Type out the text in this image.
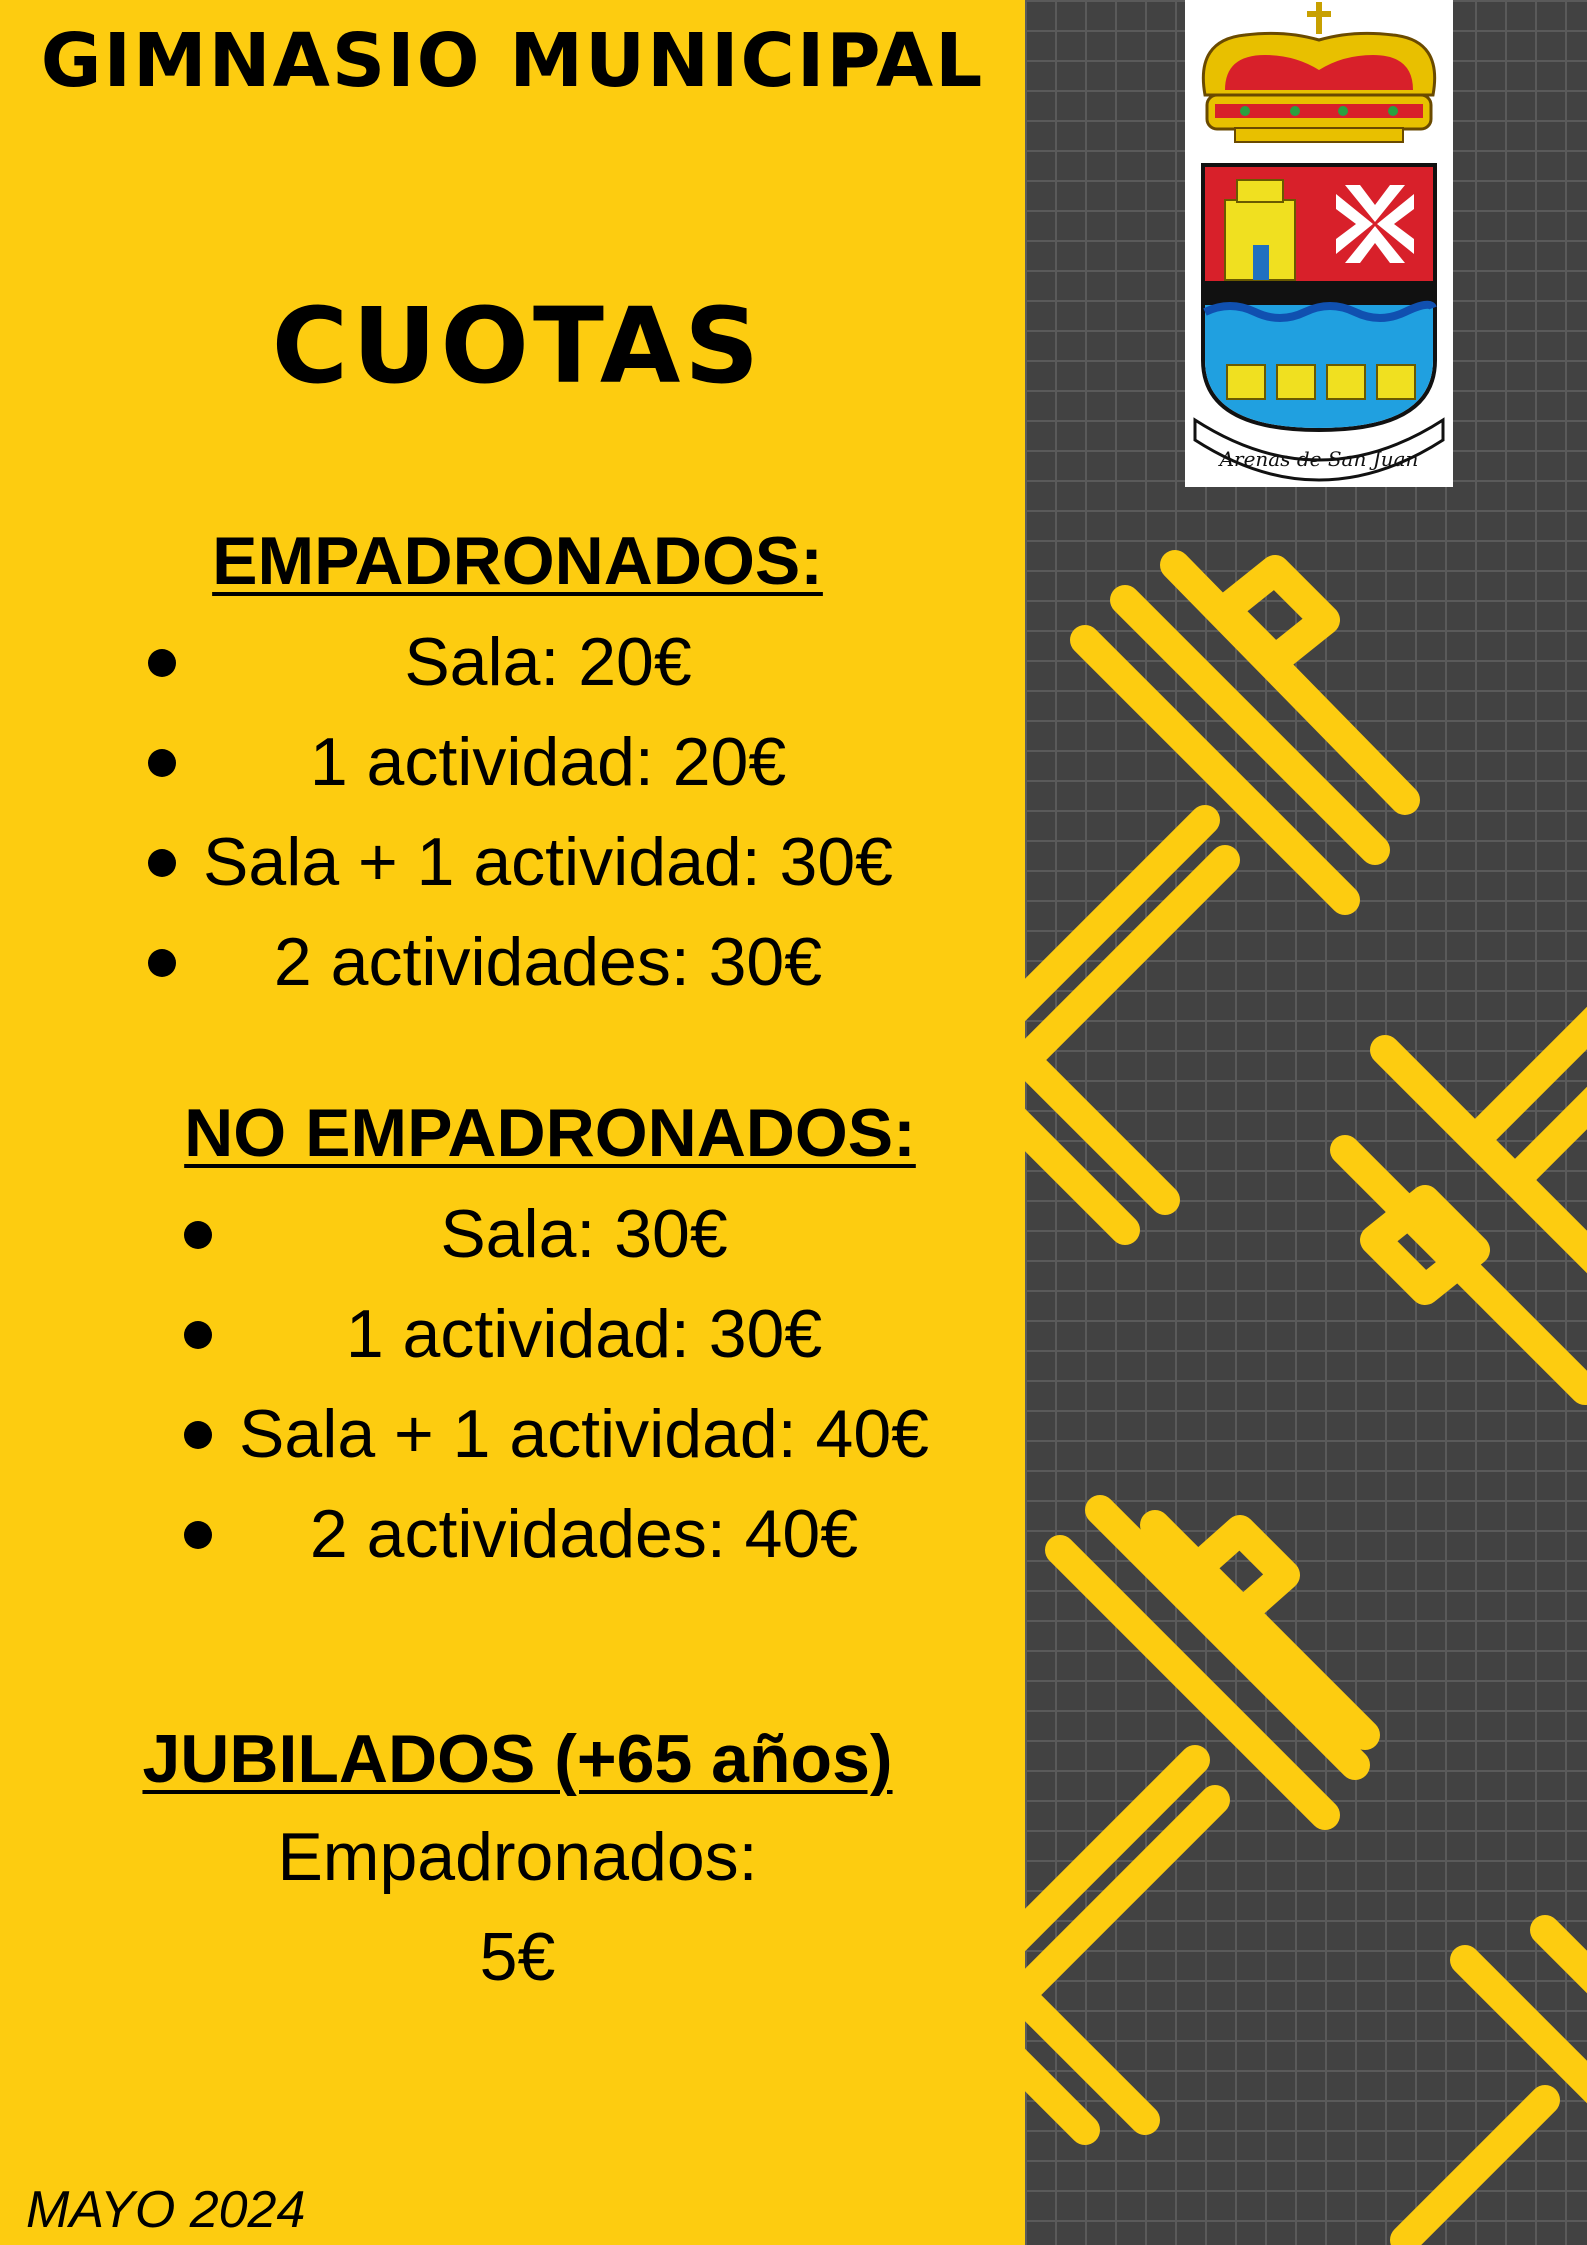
GIMNASIO MUNICIPAL
CUOTAS
EMPADRONADOS:
Sala: 20€
1 actividad: 20€
Sala + 1 actividad: 30€
2 actividades: 30€
NO EMPADRONADOS:
Sala: 30€
1 actividad: 30€
Sala + 1 actividad: 40€
2 actividades: 40€
JUBILADOS (+65 años)
Empadronados:
5€
MAYO 2024
Arenas de San Juan
